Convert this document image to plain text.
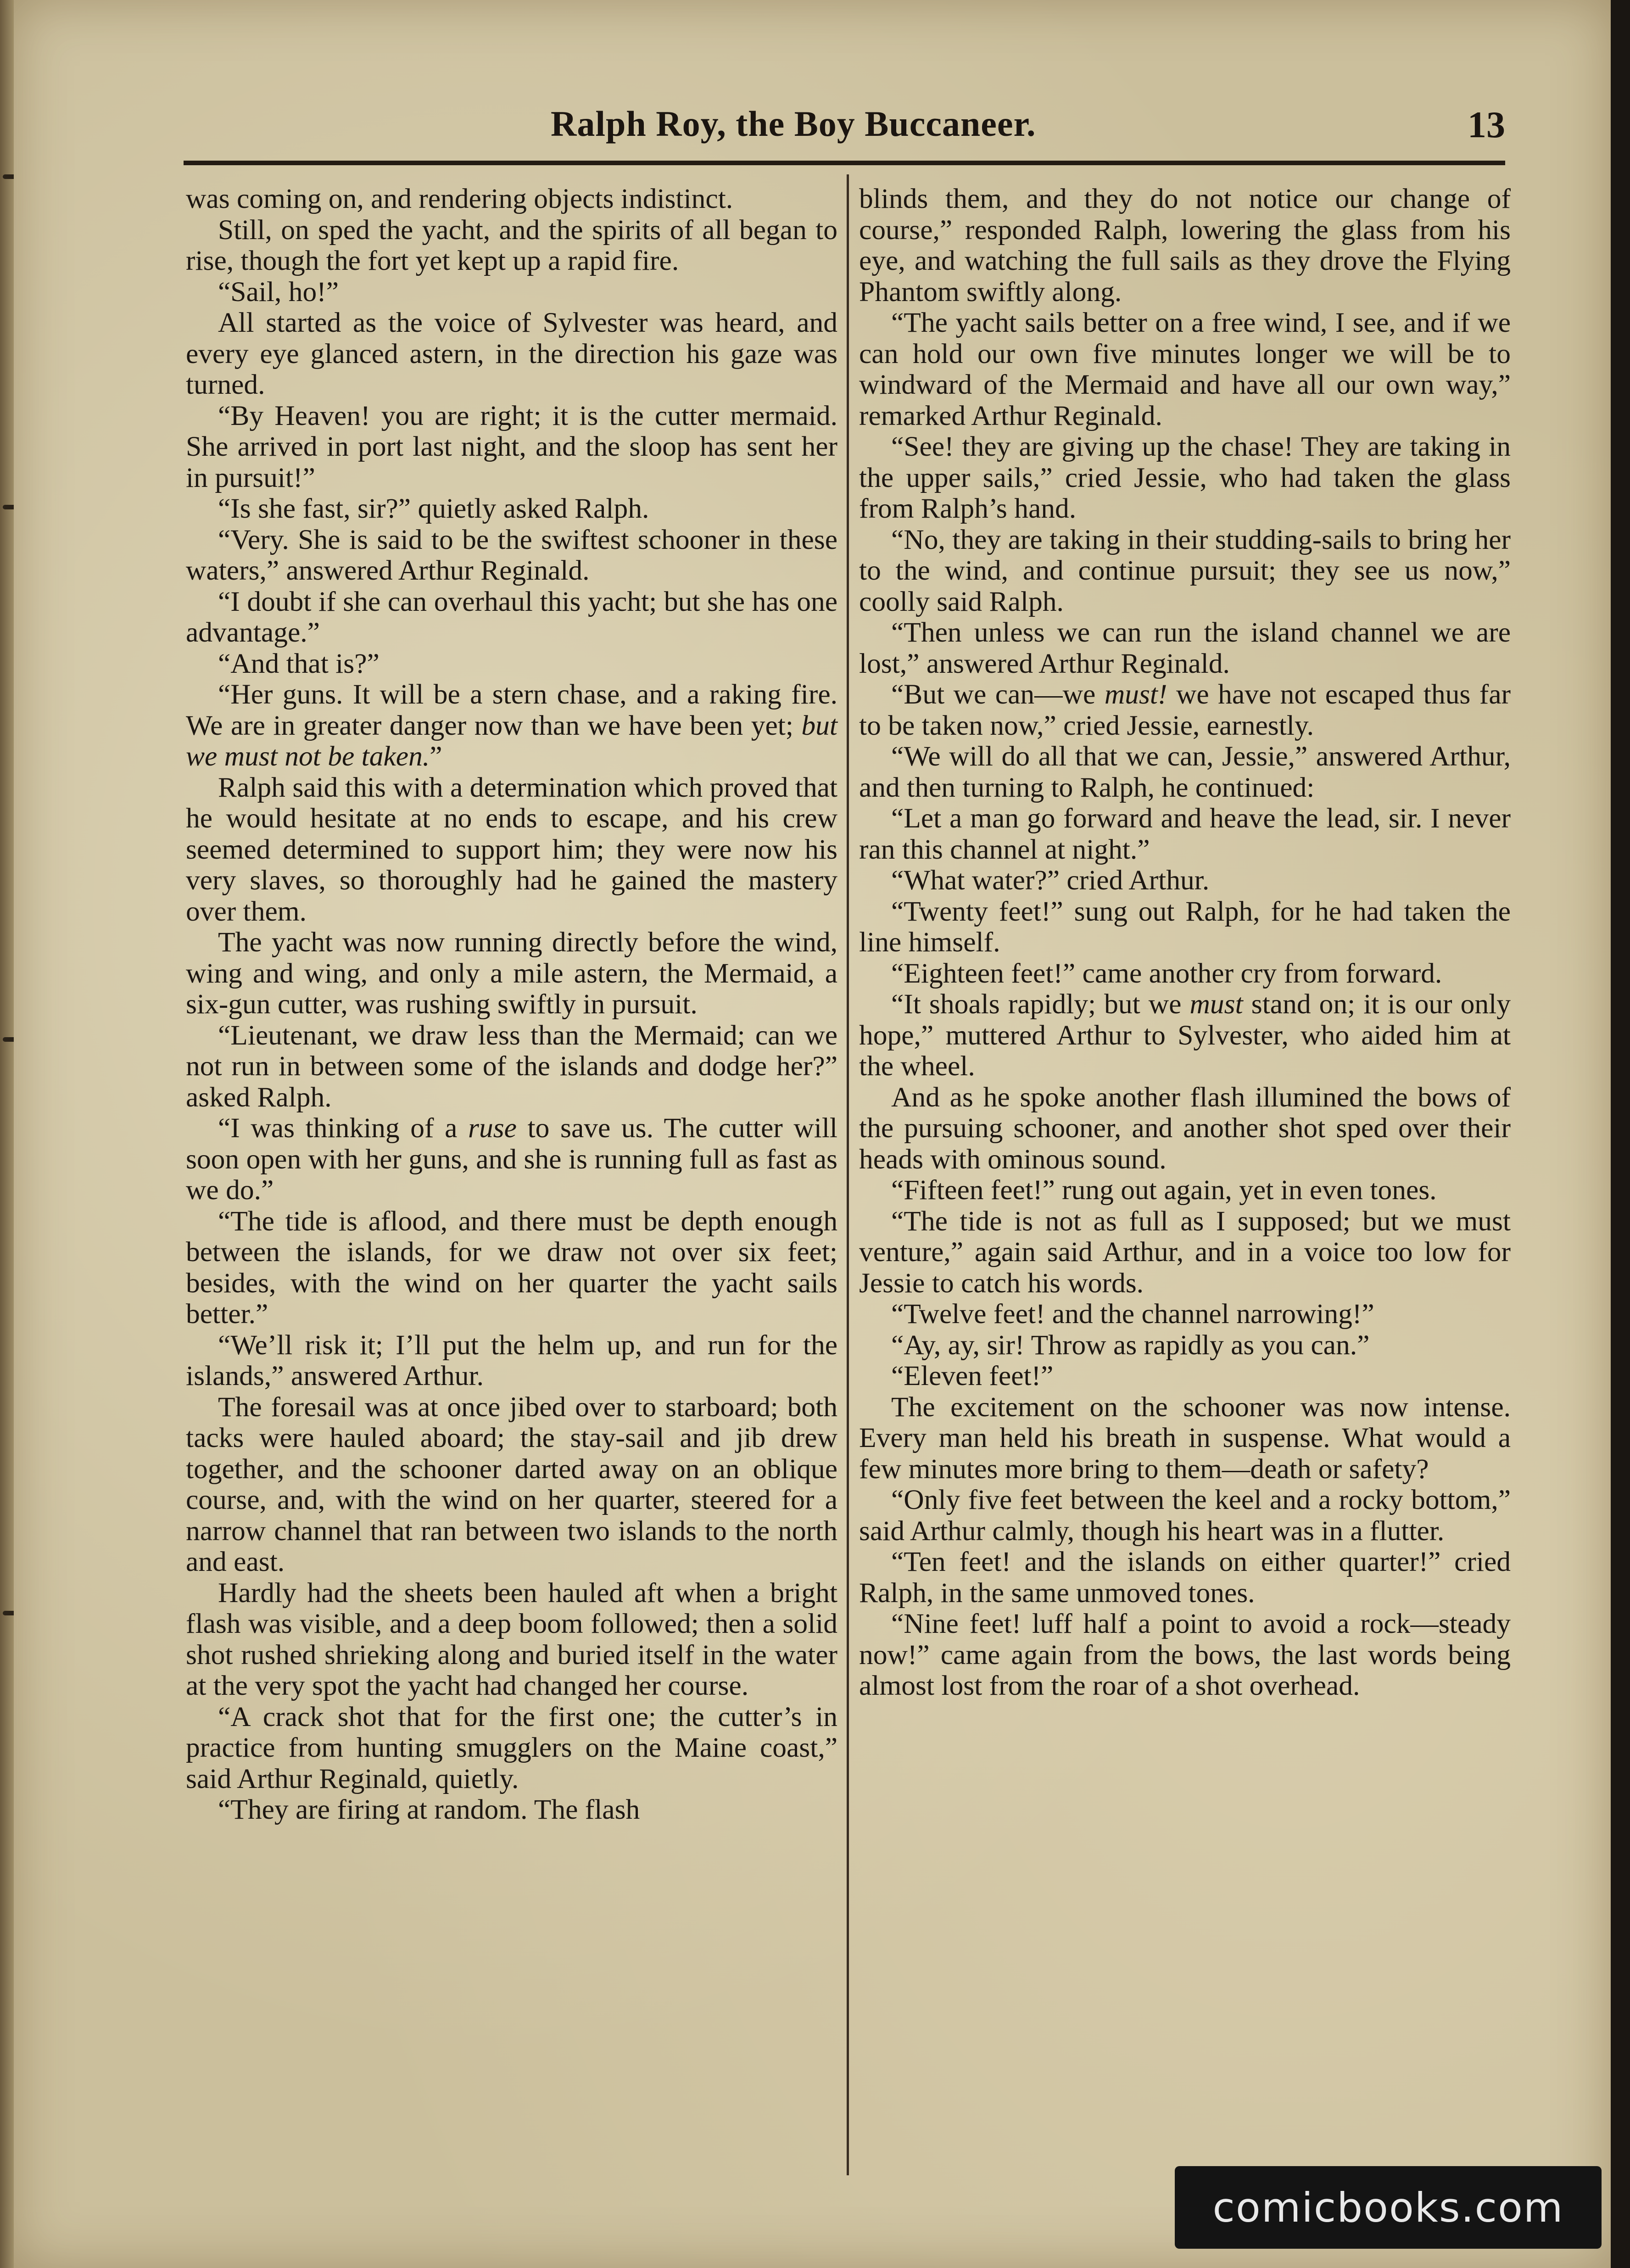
Ralph Roy, the Boy Buccaneer.	13

was coming on, and rendering objects indistinct.

Still, on sped the yacht, and the spirits of all began to rise, though the fort yet kept up a rapid fire.

“Sail, ho!”

All started as the voice of Sylvester was heard, and every eye glanced astern, in the direction his gaze was turned.

“By Heaven! you are right; it is the cutter mermaid. She arrived in port last night, and the sloop has sent her in pursuit!”

“Is she fast, sir?” quietly asked Ralph.

“Very. She is said to be the swiftest schooner in these waters,” answered Arthur Reginald.

“I doubt if she can overhaul this yacht; but she has one advantage.”

“And that is?”

“Her guns. It will be a stern chase, and a raking fire. We are in greater danger now than we have been yet; but we must not be taken.”

Ralph said this with a determination which proved that he would hesitate at no ends to escape, and his crew seemed determined to support him; they were now his very slaves, so thoroughly had he gained the mastery over them.

The yacht was now running directly before the wind, wing and wing, and only a mile astern, the Mermaid, a six-gun cutter, was rushing swiftly in pursuit.

“Lieutenant, we draw less than the Mermaid; can we not run in between some of the islands and dodge her?” asked Ralph.

“I was thinking of a ruse to save us. The cutter will soon open with her guns, and she is running full as fast as we do.”

“The tide is aflood, and there must be depth enough between the islands, for we draw not over six feet; besides, with the wind on her quarter the yacht sails better.”

“We’ll risk it; I’ll put the helm up, and run for the islands,” answered Arthur.

The foresail was at once jibed over to starboard; both tacks were hauled aboard; the stay-sail and jib drew together, and the schooner darted away on an oblique course, and, with the wind on her quarter, steered for a narrow channel that ran between two islands to the north and east.

Hardly had the sheets been hauled aft when a bright flash was visible, and a deep boom followed; then a solid shot rushed shrieking along and buried itself in the water at the very spot the yacht had changed her course.

“A crack shot that for the first one; the cutter’s in practice from hunting smugglers on the Maine coast,” said Arthur Reginald, quietly.

“They are firing at random. The flash

blinds them, and they do not notice our change of course,” responded Ralph, lowering the glass from his eye, and watching the full sails as they drove the Flying Phantom swiftly along.

“The yacht sails better on a free wind, I see, and if we can hold our own five minutes longer we will be to windward of the Mermaid and have all our own way,” remarked Arthur Reginald.

“See! they are giving up the chase! They are taking in the upper sails,” cried Jessie, who had taken the glass from Ralph’s hand.

“No, they are taking in their studding-sails to bring her to the wind, and continue pursuit; they see us now,” coolly said Ralph.

“Then unless we can run the island channel we are lost,” answered Arthur Reginald.

“But we can—we must! we have not escaped thus far to be taken now,” cried Jessie, earnestly.

“We will do all that we can, Jessie,” answered Arthur, and then turning to Ralph, he continued:

“Let a man go forward and heave the lead, sir. I never ran this channel at night.”

“What water?” cried Arthur.

“Twenty feet!” sung out Ralph, for he had taken the line himself.

“Eighteen feet!” came another cry from forward.

“It shoals rapidly; but we must stand on; it is our only hope,” muttered Arthur to Sylvester, who aided him at the wheel.

And as he spoke another flash illumined the bows of the pursuing schooner, and another shot sped over their heads with ominous sound.

“Fifteen feet!” rung out again, yet in even tones.

“The tide is not as full as I supposed; but we must venture,” again said Arthur, and in a voice too low for Jessie to catch his words.

“Twelve feet! and the channel narrowing!”

“Ay, ay, sir! Throw as rapidly as you can.”

“Eleven feet!”

The excitement on the schooner was now intense. Every man held his breath in suspense. What would a few minutes more bring to them—death or safety?

“Only five feet between the keel and a rocky bottom,” said Arthur calmly, though his heart was in a flutter.

“Ten feet! and the islands on either quarter!” cried Ralph, in the same unmoved tones.

“Nine feet! luff half a point to avoid a rock—steady now!” came again from the bows, the last words being almost lost from the roar of a shot overhead.

comicbooks.com
